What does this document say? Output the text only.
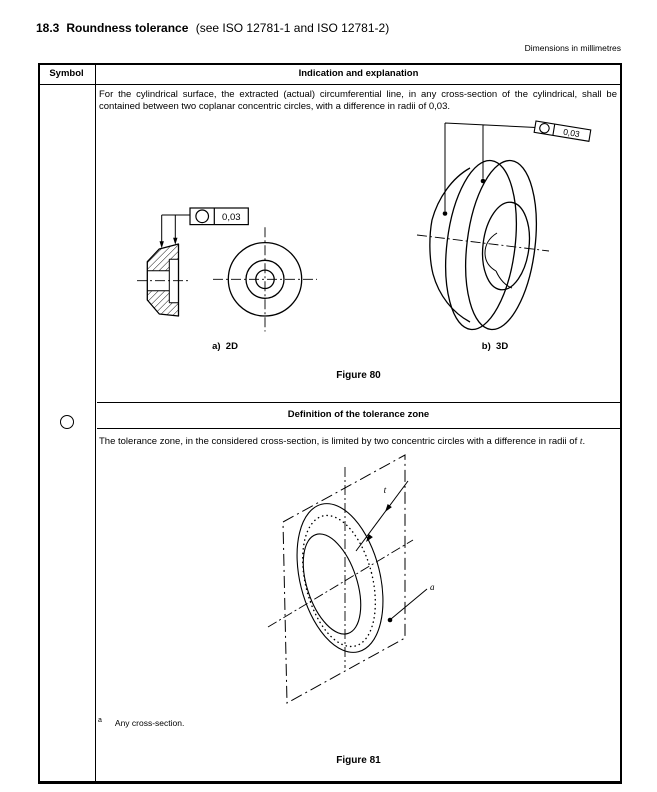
18.3 Roundness tolerance (see ISO 12781-1 and ISO 12781-2)
Dimensions in millimetres
Symbol	Indication and explanation
For the cylindrical surface, the extracted (actual) circumferential line, in any cross-section of the cylindrical, shall be contained between two coplanar concentric circles, with a difference in radii of 0,03.
0,03
a)  2D
0,03
b)  3D
Figure 80
Definition of the tolerance zone
The tolerance zone, in the considered cross-section, is limited by two concentric circles with a difference in radii of t.
t
a
$^a$ Any cross-section.
Figure 81
